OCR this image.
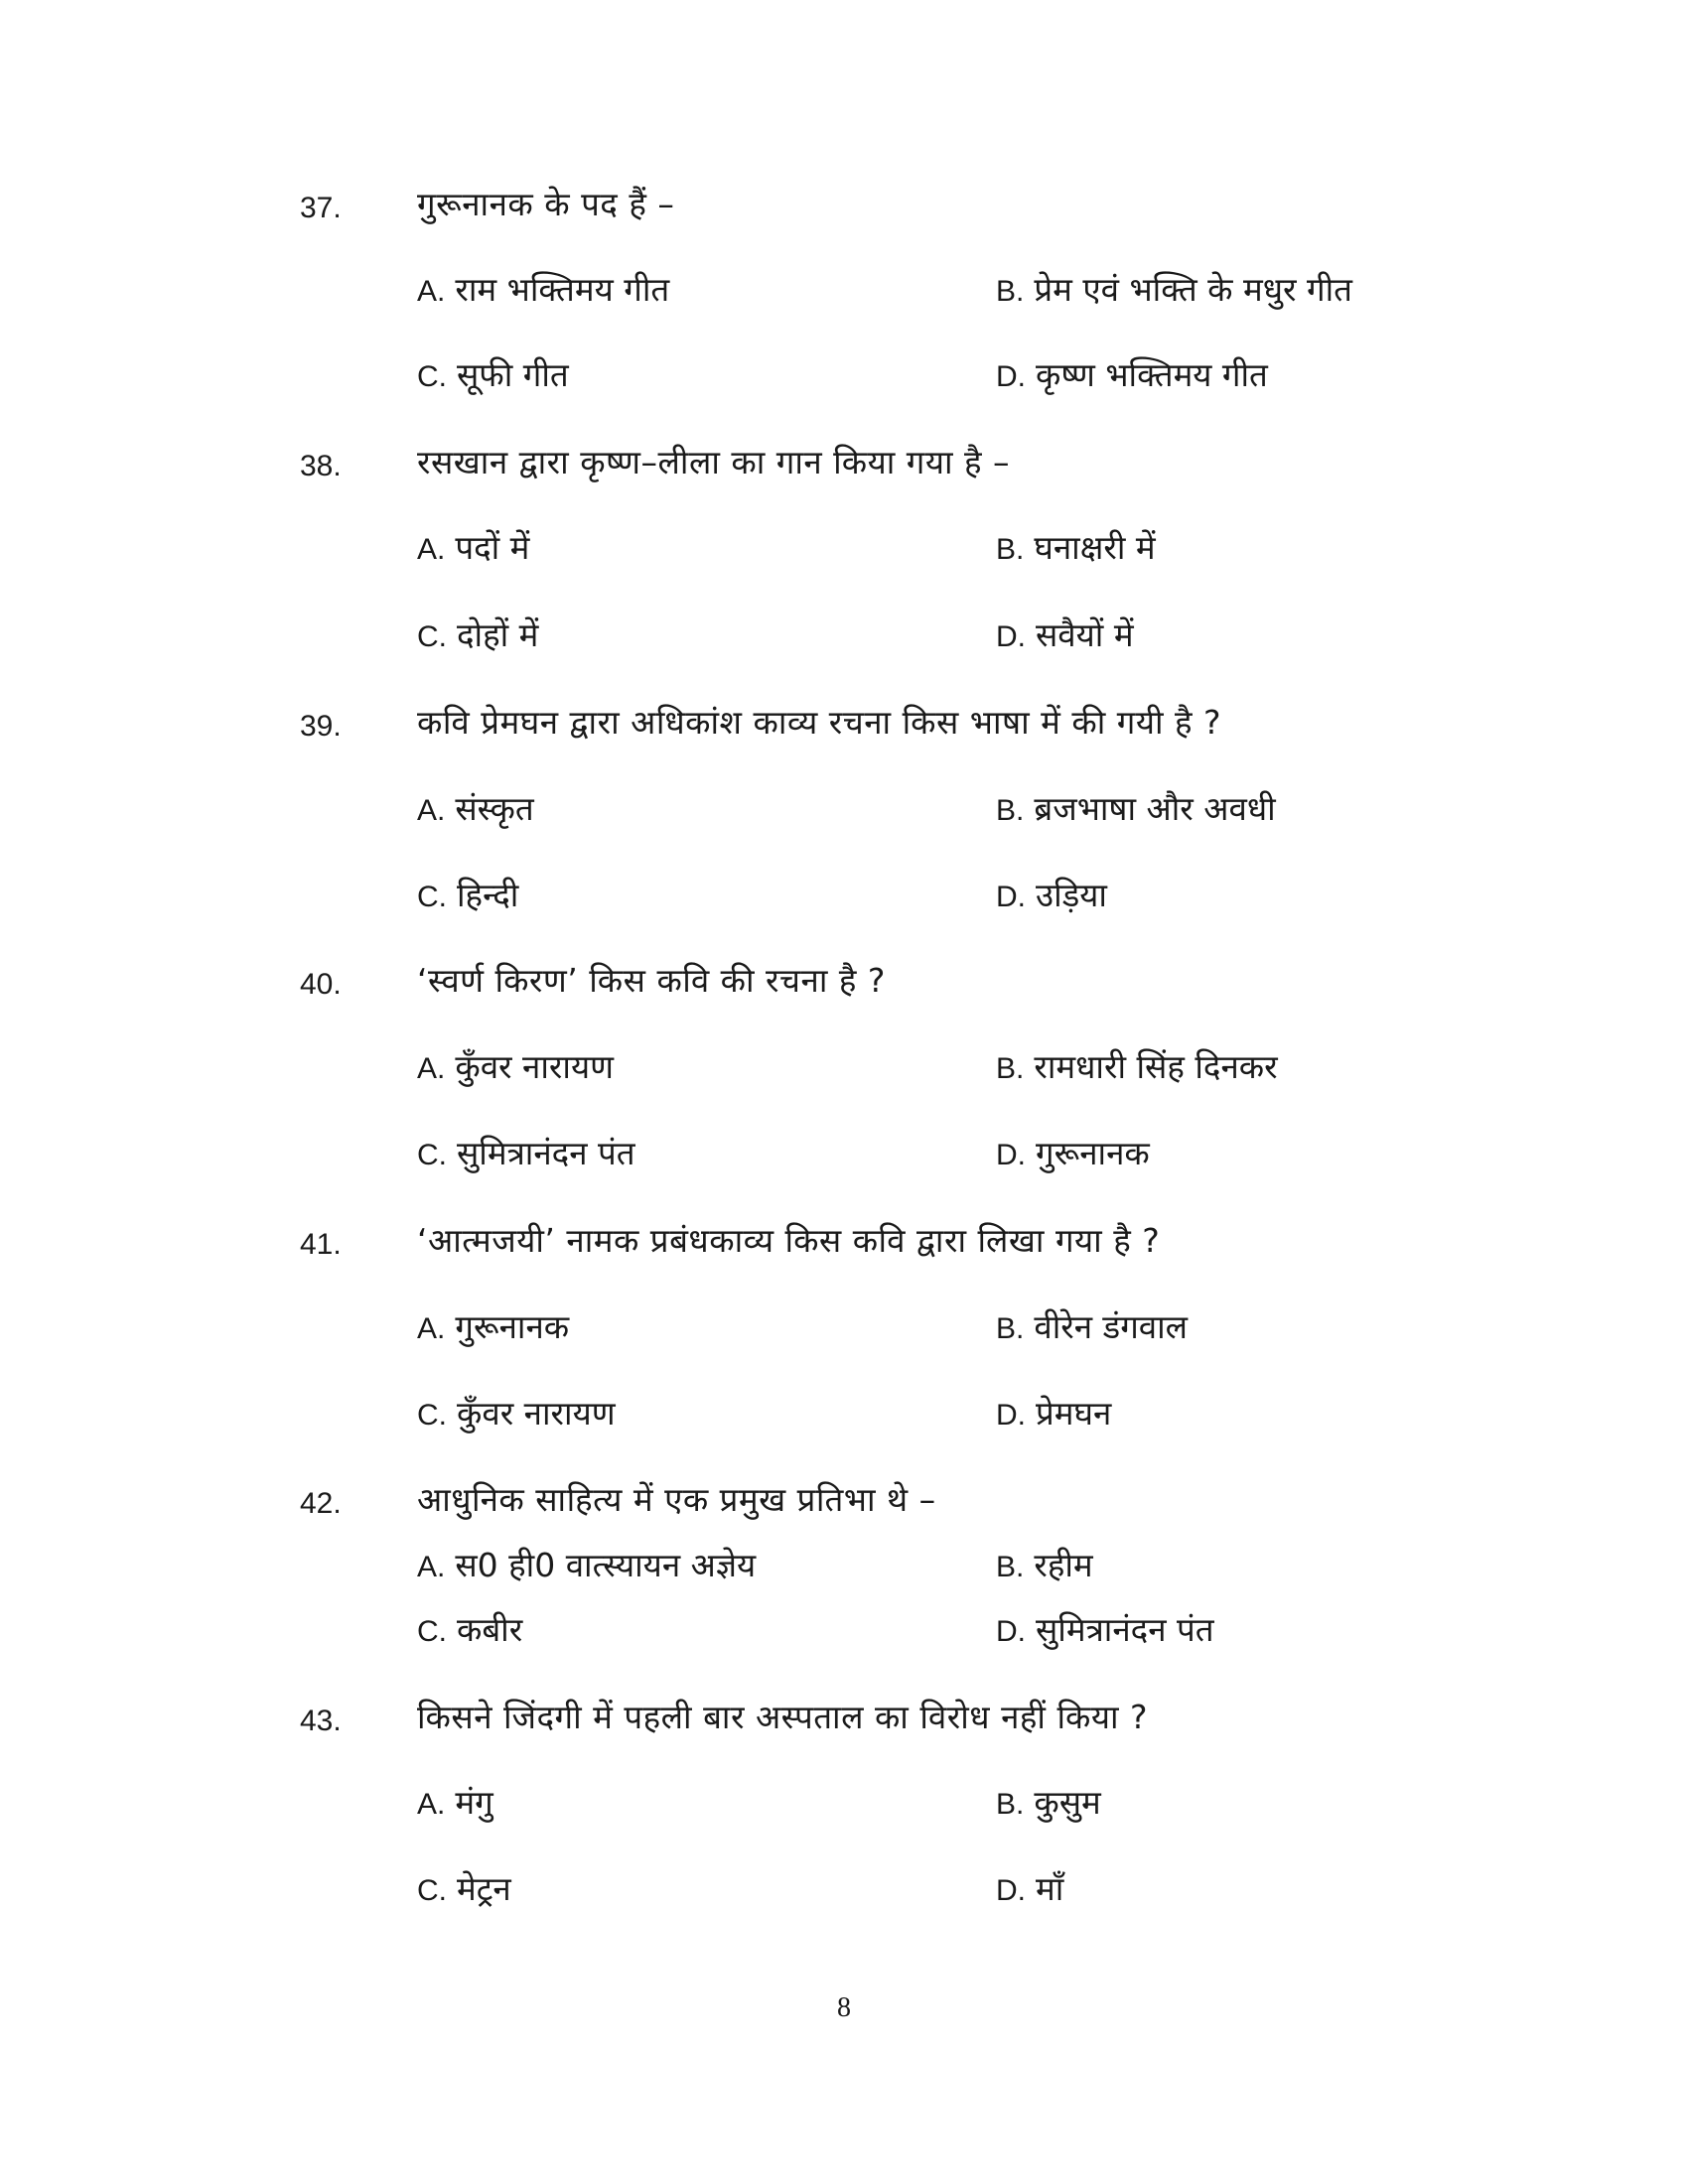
37. गुरूनानक के पद हैं –
A. राम भक्तिमय गीत	B. प्रेम एवं भक्ति के मधुर गीत
C. सूफी गीत	D. कृष्ण भक्तिमय गीत
38. रसखान द्वारा कृष्ण–लीला का गान किया गया है –
A. पदों में	B. घनाक्षरी में
C. दोहों में	D. सवैयों में
39. कवि प्रेमघन द्वारा अधिकांश काव्य रचना किस भाषा में की गयी है ?
A. संस्कृत	B. ब्रजभाषा और अवधी
C. हिन्दी	D. उड़िया
40. ‘स्वर्ण किरण’ किस कवि की रचना है ?
A. कुँवर नारायण	B. रामधारी सिंह दिनकर
C. सुमित्रानंदन पंत	D. गुरूनानक
41. ‘आत्मजयी’ नामक प्रबंधकाव्य किस कवि द्वारा लिखा गया है ?
A. गुरूनानक	B. वीरेन डंगवाल
C. कुँवर नारायण	D. प्रेमघन
42. आधुनिक साहित्य में एक प्रमुख प्रतिभा थे –
A. स0 ही0 वात्स्यायन अज्ञेय	B. रहीम
C. कबीर	D. सुमित्रानंदन पंत
43. किसने जिंदगी में पहली बार अस्पताल का विरोध नहीं किया ?
A. मंगु	B. कुसुम
C. मेट्रन	D. माँ
8
